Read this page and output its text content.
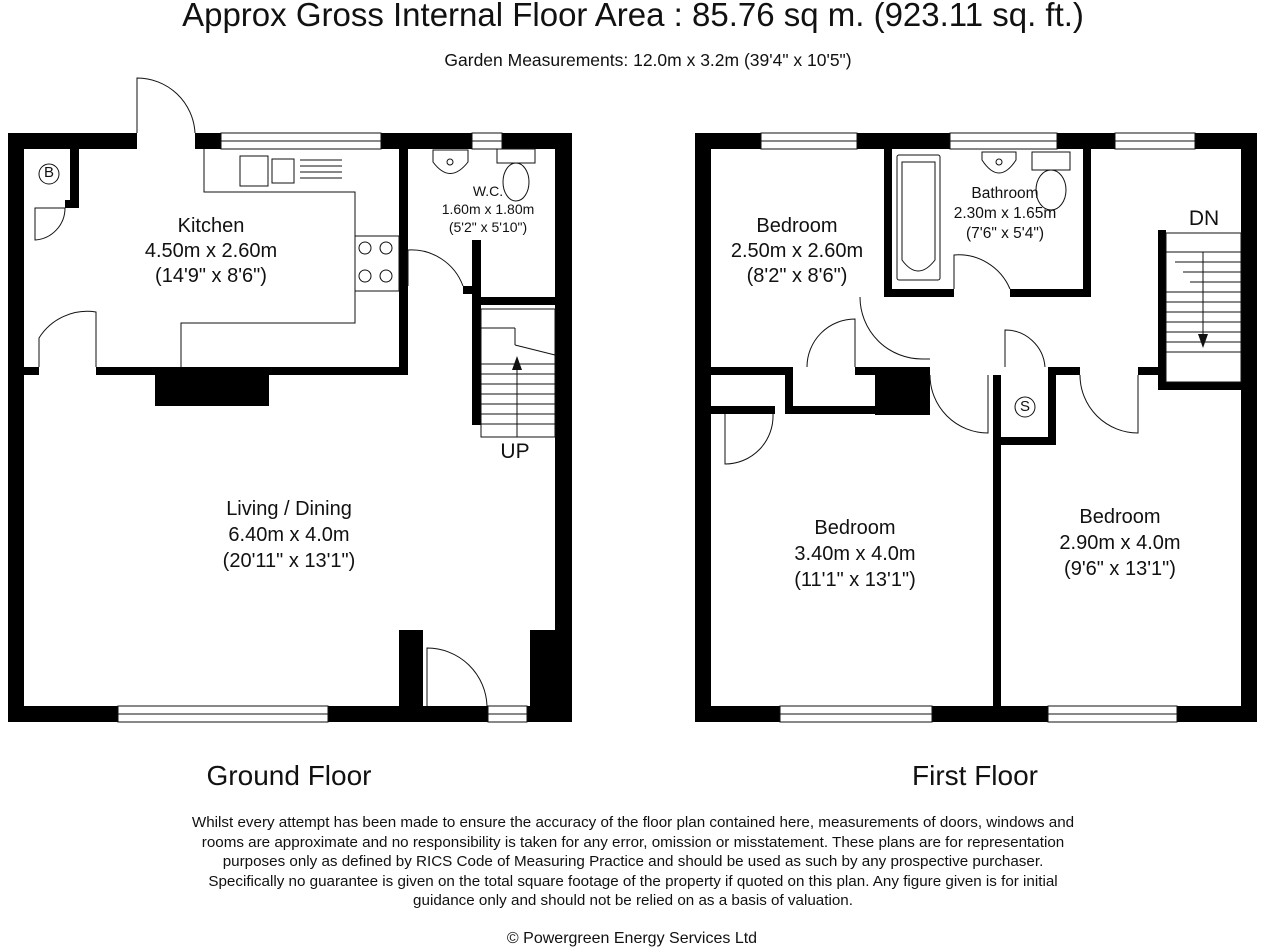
Approx Gross Internal Floor Area : 85.76 sq m. (923.11 sq. ft.)
Garden Measurements: 12.0m x 3.2m (39'4" x 10'5")
B
Kitchen
4.50m x 2.60m
(14'9" x 8'6")
W.C.
1.60m x 1.80m
(5'2" x 5'10")
UP
Living / Dining
6.40m x 4.0m
(20'11" x 13'1")
Bedroom
2.50m x 2.60m
(8'2" x 8'6")
Bathroom
2.30m x 1.65m
(7'6" x 5'4")
DN
S
Bedroom
3.40m x 4.0m
(11'1" x 13'1")
Bedroom
2.90m x 4.0m
(9'6" x 13'1")
Ground Floor	First Floor
Whilst every attempt has been made to ensure the accuracy of the floor plan contained here, measurements of doors, windows and
rooms are approximate and no responsibility is taken for any error, omission or misstatement. These plans are for representation
purposes only as defined by RICS Code of Measuring Practice and should be used as such by any prospective purchaser.
Specifically no guarantee is given on the total square footage of the property if quoted on this plan. Any figure given is for initial
guidance only and should not be relied on as a basis of valuation.
© Powergreen Energy Services Ltd
